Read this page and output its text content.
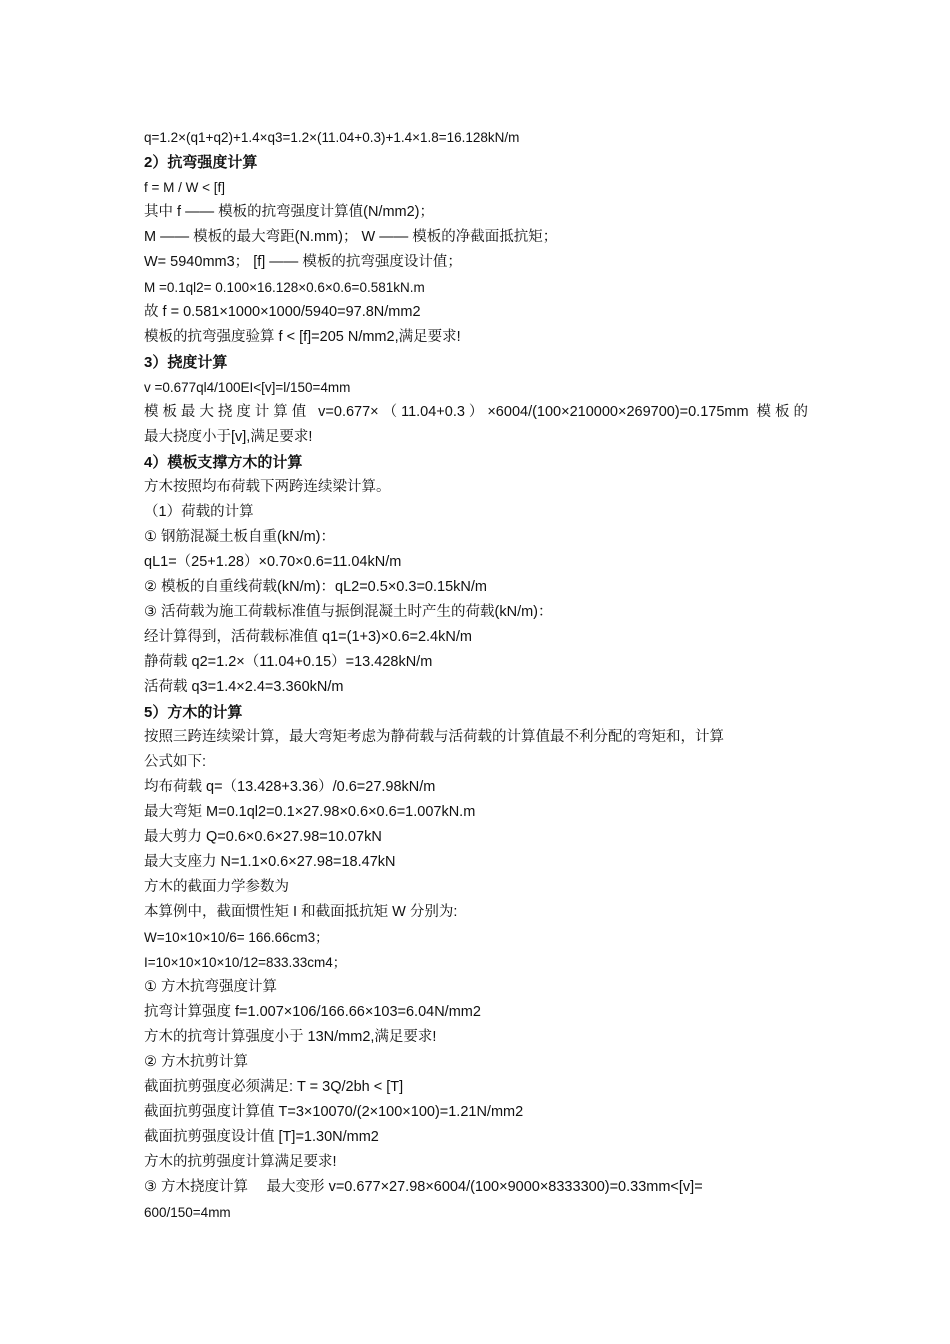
q=1.2×(q1+q2)+1.4×q3=1.2×(11.04+0.3)+1.4×1.8=16.128kN/m
2）抗弯强度计算
f = M / W < [f]
其中 f —— 模板的抗弯强度计算值(N/mm2)；
M —— 模板的最大弯距(N.mm)； W —— 模板的净截面抵抗矩；
W= 5940mm3； [f] —— 模板的抗弯强度设计值；
M =0.1ql2= 0.100×16.128×0.6×0.6=0.581kN.m
故 f = 0.581×1000×1000/5940=97.8N/mm2
模板的抗弯强度验算 f < [f]=205 N/mm2,满足要求!
3）挠度计算
v =0.677ql4/100EI<[v]=l/150=4mm
模板最大挠度计算值 v=0.677×（11.04+0.3）×6004/(100×210000×269700)=0.175mm 模板的
最大挠度小于[v],满足要求!
4）模板支撑方木的计算
方木按照均布荷载下两跨连续梁计算。
（1）荷载的计算
① 钢筋混凝土板自重(kN/m)：
qL1=（25+1.28）×0.70×0.6=11.04kN/m
② 模板的自重线荷载(kN/m)：qL2=0.5×0.3=0.15kN/m
③ 活荷载为施工荷载标准值与振倒混凝土时产生的荷载(kN/m)：
经计算得到，活荷载标准值 q1=(1+3)×0.6=2.4kN/m
静荷载 q2=1.2×（11.04+0.15）=13.428kN/m
活荷载 q3=1.4×2.4=3.360kN/m
5）方木的计算
按照三跨连续梁计算，最大弯矩考虑为静荷载与活荷载的计算值最不利分配的弯矩和，计算
公式如下:
均布荷载 q=（13.428+3.36）/0.6=27.98kN/m
最大弯矩 M=0.1ql2=0.1×27.98×0.6×0.6=1.007kN.m
最大剪力 Q=0.6×0.6×27.98=10.07kN
最大支座力 N=1.1×0.6×27.98=18.47kN
方木的截面力学参数为
本算例中，截面惯性矩 I 和截面抵抗矩 W 分别为:
W=10×10×10/6= 166.66cm3；
I=10×10×10×10/12=833.33cm4；
① 方木抗弯强度计算
抗弯计算强度 f=1.007×106/166.66×103=6.04N/mm2
方木的抗弯计算强度小于 13N/mm2,满足要求!
② 方木抗剪计算
截面抗剪强度必须满足: T = 3Q/2bh < [T]
截面抗剪强度计算值 T=3×10070/(2×100×100)=1.21N/mm2
截面抗剪强度设计值 [T]=1.30N/mm2
方木的抗剪强度计算满足要求!
③ 方木挠度计算　 最大变形 v=0.677×27.98×6004/(100×9000×8333300)=0.33mm<[v]=
600/150=4mm
